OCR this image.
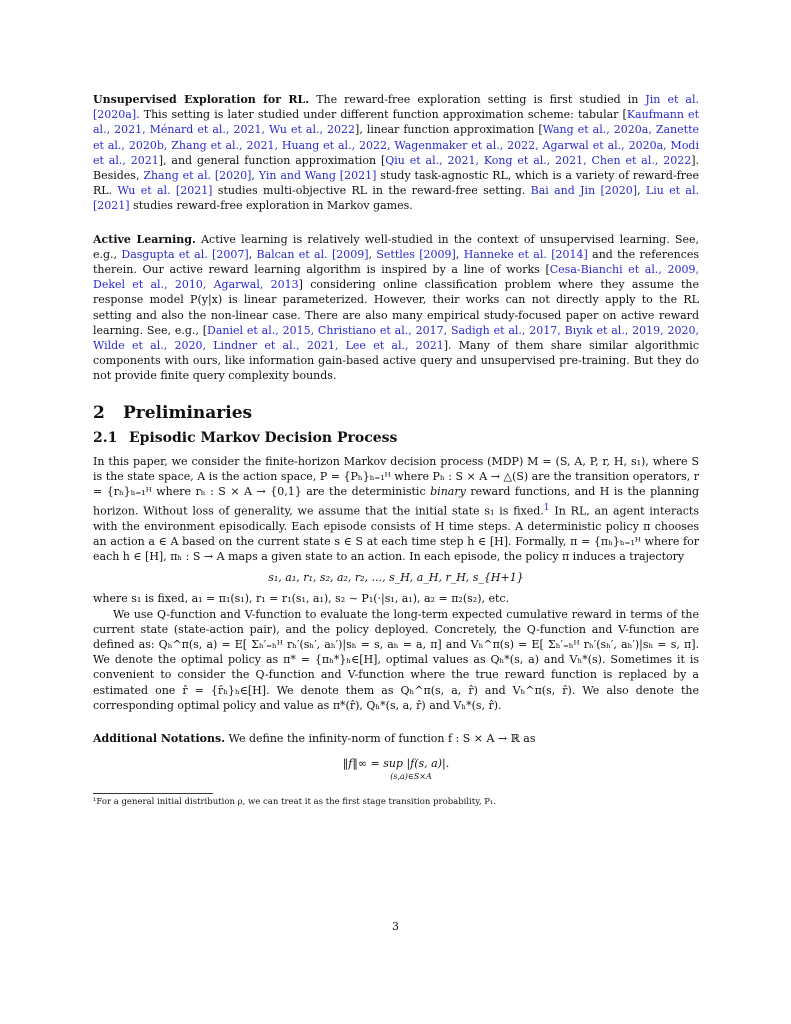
Unsupervised Exploration for RL. The reward-free exploration setting is first studied in Jin et al. [2020a]. This setting is later studied under different function approximation scheme: tabular [Kaufmann et al., 2021, Ménard et al., 2021, Wu et al., 2022], linear function approximation [Wang et al., 2020a, Zanette et al., 2020b, Zhang et al., 2021, Huang et al., 2022, Wagenmaker et al., 2022, Agarwal et al., 2020a, Modi et al., 2021], and general function approximation [Qiu et al., 2021, Kong et al., 2021, Chen et al., 2022]. Besides, Zhang et al. [2020], Yin and Wang [2021] study task-agnostic RL, which is a variety of reward-free RL. Wu et al. [2021] studies multi-objective RL in the reward-free setting. Bai and Jin [2020], Liu et al. [2021] studies reward-free exploration in Markov games.

Active Learning. Active learning is relatively well-studied in the context of unsupervised learning. See, e.g., Dasgupta et al. [2007], Balcan et al. [2009], Settles [2009], Hanneke et al. [2014] and the references therein. Our active reward learning algorithm is inspired by a line of works [Cesa-Bianchi et al., 2009, Dekel et al., 2010, Agarwal, 2013] considering online classification problem where they assume the response model P(y|x) is linear parameterized. However, their works can not directly apply to the RL setting and also the non-linear case. There are also many empirical study-focused paper on active reward learning. See, e.g., [Daniel et al., 2015, Christiano et al., 2017, Sadigh et al., 2017, Bıyık et al., 2019, 2020, Wilde et al., 2020, Lindner et al., 2021, Lee et al., 2021]. Many of them share similar algorithmic components with ours, like information gain-based active query and unsupervised pre-training. But they do not provide finite query complexity bounds.

2 Preliminaries
2.1 Episodic Markov Decision Process

In this paper, we consider the finite-horizon Markov decision process (MDP) M = (S, A, P, r, H, s₁), where S is the state space, A is the action space, P = {Pₕ}ₕ₌₁ᴴ where Pₕ : S × A → △(S) are the transition operators, r = {rₕ}ₕ₌₁ᴴ where rₕ : S × A → {0,1} are the deterministic binary reward functions, and H is the planning horizon. Without loss of generality, we assume that the initial state s₁ is fixed.$^1$ In RL, an agent interacts with the environment episodically. Each episode consists of H time steps. A deterministic policy π chooses an action a ∈ A based on the current state s ∈ S at each time step h ∈ [H]. Formally, π = {πₕ}ₕ₌₁ᴴ where for each h ∈ [H], πₕ : S → A maps a given state to an action. In each episode, the policy π induces a trajectory

s₁, a₁, r₁, s₂, a₂, r₂, ..., s_H, a_H, r_H, s_{H+1}

where s₁ is fixed, a₁ = π₁(s₁), r₁ = r₁(s₁, a₁), s₂ ∼ P₁(·|s₁, a₁), a₂ = π₂(s₂), etc.

We use Q-function and V-function to evaluate the long-term expected cumulative reward in terms of the current state (state-action pair), and the policy deployed. Concretely, the Q-function and V-function are defined as: Qₕ^π(s, a) = E[ Σₕ′₌ₕᴴ rₕ′(sₕ′, aₕ′)|sₕ = s, aₕ = a, π] and Vₕ^π(s) = E[ Σₕ′₌ₕᴴ rₕ′(sₕ′, aₕ′)|sₕ = s, π]. We denote the optimal policy as π* = {πₕ*}ₕ∈[H], optimal values as Qₕ*(s, a) and Vₕ*(s). Sometimes it is convenient to consider the Q-function and V-function where the true reward function is replaced by a estimated one r̂ = {r̂ₕ}ₕ∈[H]. We denote them as Qₕ^π(s, a, r̂) and Vₕ^π(s, r̂). We also denote the corresponding optimal policy and value as π*(r̂), Qₕ*(s, a, r̂) and Vₕ*(s, r̂).

Additional Notations. We define the infinity-norm of function f : S × A → ℝ as

‖f‖∞ = sup |f(s, a)|.
(s,a)∈S×A

¹For a general initial distribution ρ, we can treat it as the first stage transition probability, P₁.

3
